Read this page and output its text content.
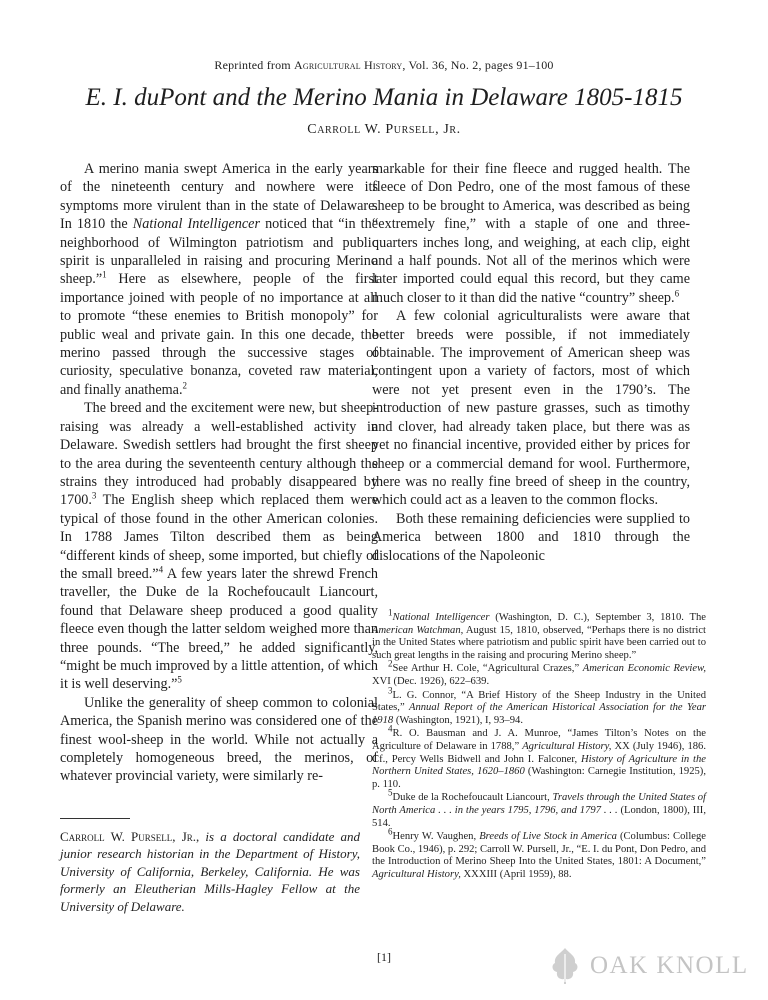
Reprinted from Agricultural History, Vol. 36, No. 2, pages 91–100
E. I. duPont and the Merino Mania in Delaware 1805-1815
Carroll W. Pursell, Jr.

A merino mania swept America in the early years of the nineteenth century and nowhere were its symptoms more virulent than in the state of Delaware. In 1810 the National Intelligencer noticed that “in the neighborhood of Wilmington patriotism and public spirit is unparalleled in raising and procuring Merino sheep.”$^1$ Here as elsewhere, people of the first importance joined with people of no importance at all to promote “these enemies to British monopoly” for public weal and private gain. In this one decade, the merino passed through the successive stages of curiosity, speculative bonanza, coveted raw material, and finally anathema.$^2$

The breed and the excitement were new, but sheep-raising was already a well-established activity in Delaware. Swedish settlers had brought the first sheep to the area during the seventeenth century although the strains they introduced had probably disappeared by 1700.$^3$ The English sheep which replaced them were typical of those found in the other American colonies. In 1788 James Tilton described them as being “different kinds of sheep, some imported, but chiefly of the small breed.”$^4$ A few years later the shrewd French traveller, the Duke de la Rochefoucault Liancourt, found that Delaware sheep produced a good quality fleece even though the latter seldom weighed more than three pounds. “The breed,” he added significantly, “might be much improved by a little attention, of which it is well deserving.”$^5$

Unlike the generality of sheep common to colonial America, the Spanish merino was considered one of the finest wool-sheep in the world. While not actually a completely homogeneous breed, the merinos, of whatever provincial variety, were similarly re-

markable for their fine fleece and rugged health. The fleece of Don Pedro, one of the most famous of these sheep to be brought to America, was described as being “extremely fine,” with a staple of one and three-quarters inches long, and weighing, at each clip, eight and a half pounds. Not all of the merinos which were later imported could equal this record, but they came much closer to it than did the native “country” sheep.$^6$

A few colonial agriculturalists were aware that better breeds were possible, if not immediately obtainable. The improvement of American sheep was contingent upon a variety of factors, most of which were not yet present even in the 1790’s. The introduction of new pasture grasses, such as timothy and clover, had already taken place, but there was as yet no financial incentive, provided either by prices for sheep or a commercial demand for wool. Furthermore, there was no really fine breed of sheep in the country, which could act as a leaven to the common flocks.

Both these remaining deficiencies were supplied to America between 1800 and 1810 through the dislocations of the Napoleonic

$^1$National Intelligencer (Washington, D. C.), September 3, 1810. The American Watchman, August 15, 1810, observed, “Perhaps there is no district in the United States where patriotism and public spirit have been carried out to such great lengths in the raising and procuring Merino sheep.”

$^2$See Arthur H. Cole, “Agricultural Crazes,” American Economic Review, XVI (Dec. 1926), 622–639.

$^3$L. G. Connor, “A Brief History of the Sheep Industry in the United States,” Annual Report of the American Historical Association for the Year 1918 (Washington, 1921), I, 93–94.

$^4$R. O. Bausman and J. A. Munroe, “James Tilton’s Notes on the Agriculture of Delaware in 1788,” Agricultural History, XX (July 1946), 186. Cf., Percy Wells Bidwell and John I. Falconer, History of Agriculture in the Northern United States, 1620–1860 (Washington: Carnegie Institution, 1925), p. 110.

$^5$Duke de la Rochefoucault Liancourt, Travels through the United States of North America . . . in the years 1795, 1796, and 1797 . . . (London, 1800), III, 514.

$^6$Henry W. Vaughen, Breeds of Live Stock in America (Columbus: College Book Co., 1946), p. 292; Carroll W. Pursell, Jr., “E. I. du Pont, Don Pedro, and the Introduction of Merino Sheep Into the United States, 1801: A Document,” Agricultural History, XXXIII (April 1959), 88.

Carroll W. Pursell, Jr., is a doctoral candidate and junior research historian in the Department of History, University of California, Berkeley, California. He was formerly an Eleutherian Mills-Hagley Fellow at the University of Delaware.
[1]	OAK KNOLL
